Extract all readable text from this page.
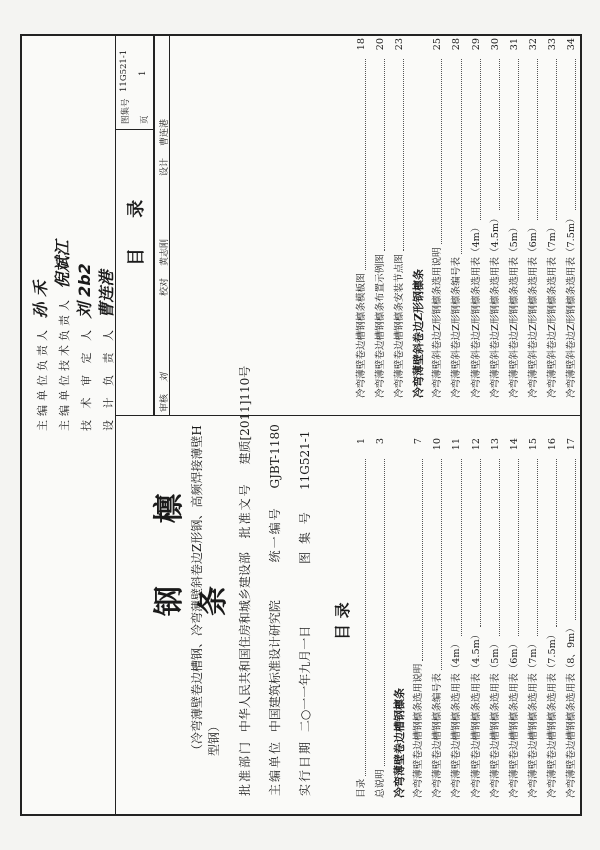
主编单位负责人 孙 禾 主编单位技术负责人 倪斌江
技 术 审 定 人 刘 2b2
设 计 负 责 人 曹连港
钢 檩 条
（冷弯薄壁卷边槽钢、冷弯薄壁斜卷边Z形钢、高频焊接薄壁H型钢）
批准部门 中华人民共和国住房和城乡建设部 批准文号 建质[2011]110号
主编单位 中国建筑标准设计研究院 统一编号 GJBT-1180
实行日期 二○一一年九月一日 图 集 号 11G521-1
目 录
目录
1
总说明
3
冷弯薄壁卷边槽钢檩条 冷弯薄壁卷边槽钢檩条选用说明
7
冷弯薄壁卷边槽钢檩条编号表
10
冷弯薄壁卷边槽钢檩条选用表（4m）
11
冷弯薄壁卷边槽钢檩条选用表（4.5m）
12
冷弯薄壁卷边槽钢檩条选用表（5m）
13
冷弯薄壁卷边槽钢檩条选用表（6m）
14
冷弯薄壁卷边槽钢檩条选用表（7m）
15
冷弯薄壁卷边槽钢檩条选用表（7.5m）
16
冷弯薄壁卷边槽钢檩条选用表（8、9m）
17
冷弯薄壁卷边槽钢檩条模板图
18
冷弯薄壁卷边槽钢檩条布置示例图
20
冷弯薄壁卷边槽钢檩条安装节点图
23
冷弯薄壁斜卷边Z形钢檩条 冷弯薄壁斜卷边Z形钢檩条选用说明
25
冷弯薄壁斜卷边Z形钢檩条编号表
28
冷弯薄壁斜卷边Z形钢檩条选用表（4m）
29
冷弯薄壁斜卷边Z形钢檩条选用表（4.5m）
30
冷弯薄壁斜卷边Z形钢檩条选用表（5m）
31
冷弯薄壁斜卷边Z形钢檩条选用表（6m）
32
冷弯薄壁斜卷边Z形钢檩条选用表（7m）
33
冷弯薄壁斜卷边Z形钢檩条选用表（7.5m）
34
目 录
图集号
11G521-1
页
1
审核
刘
校对
黄志刚
设计
曹连港
